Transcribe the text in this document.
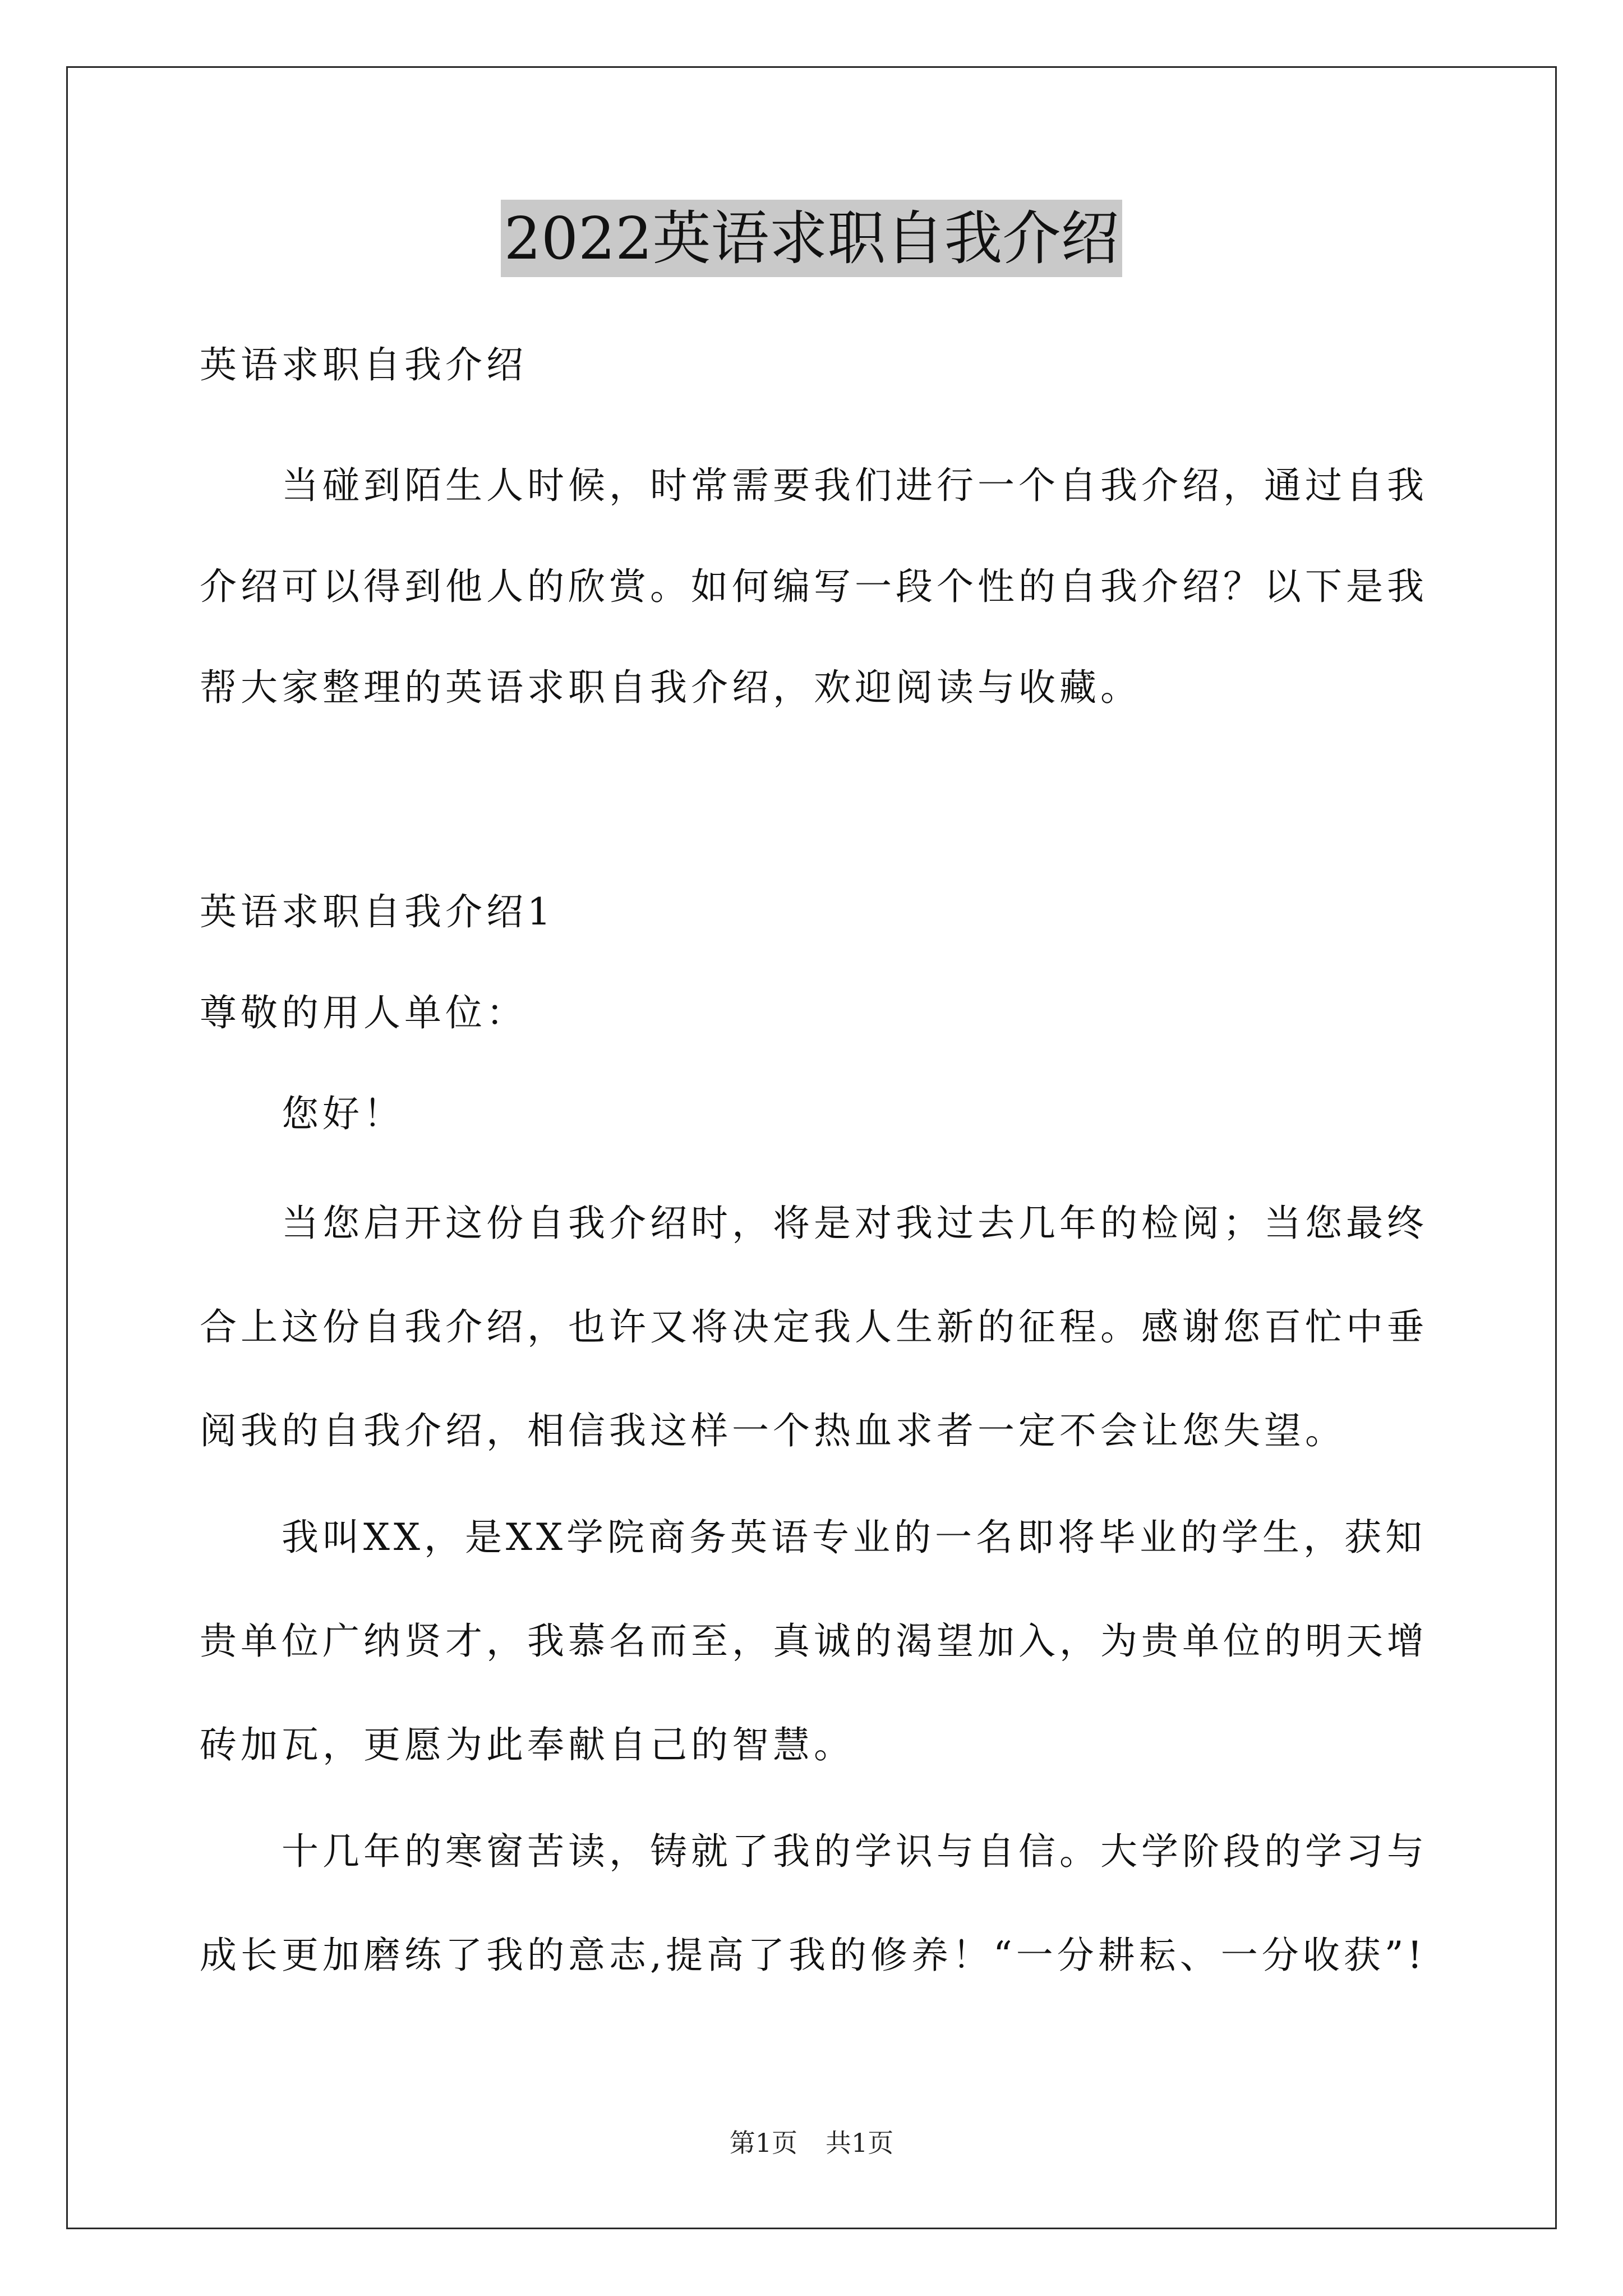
2022英语求职自我介绍
英语求职自我介绍
　　当碰到陌生人时候，时常需要我们进行一个自我介绍，通过自我
介绍可以得到他人的欣赏。如何编写一段个性的自我介绍？以下是我
帮大家整理的英语求职自我介绍，欢迎阅读与收藏。
英语求职自我介绍1
尊敬的用人单位：
　　您好！
　　当您启开这份自我介绍时，将是对我过去几年的检阅；当您最终
合上这份自我介绍，也许又将决定我人生新的征程。感谢您百忙中垂
阅我的自我介绍，相信我这样一个热血求者一定不会让您失望。
　　我叫XX，是XX学院商务英语专业的一名即将毕业的学生，获知
贵单位广纳贤才，我慕名而至，真诚的渴望加入，为贵单位的明天增
砖加瓦，更愿为此奉献自己的智慧。
　　十几年的寒窗苦读，铸就了我的学识与自信。大学阶段的学习与
成长更加磨练了我的意志,提高了我的修养！“一分耕耘、一分收获”!
第1页 共1页
